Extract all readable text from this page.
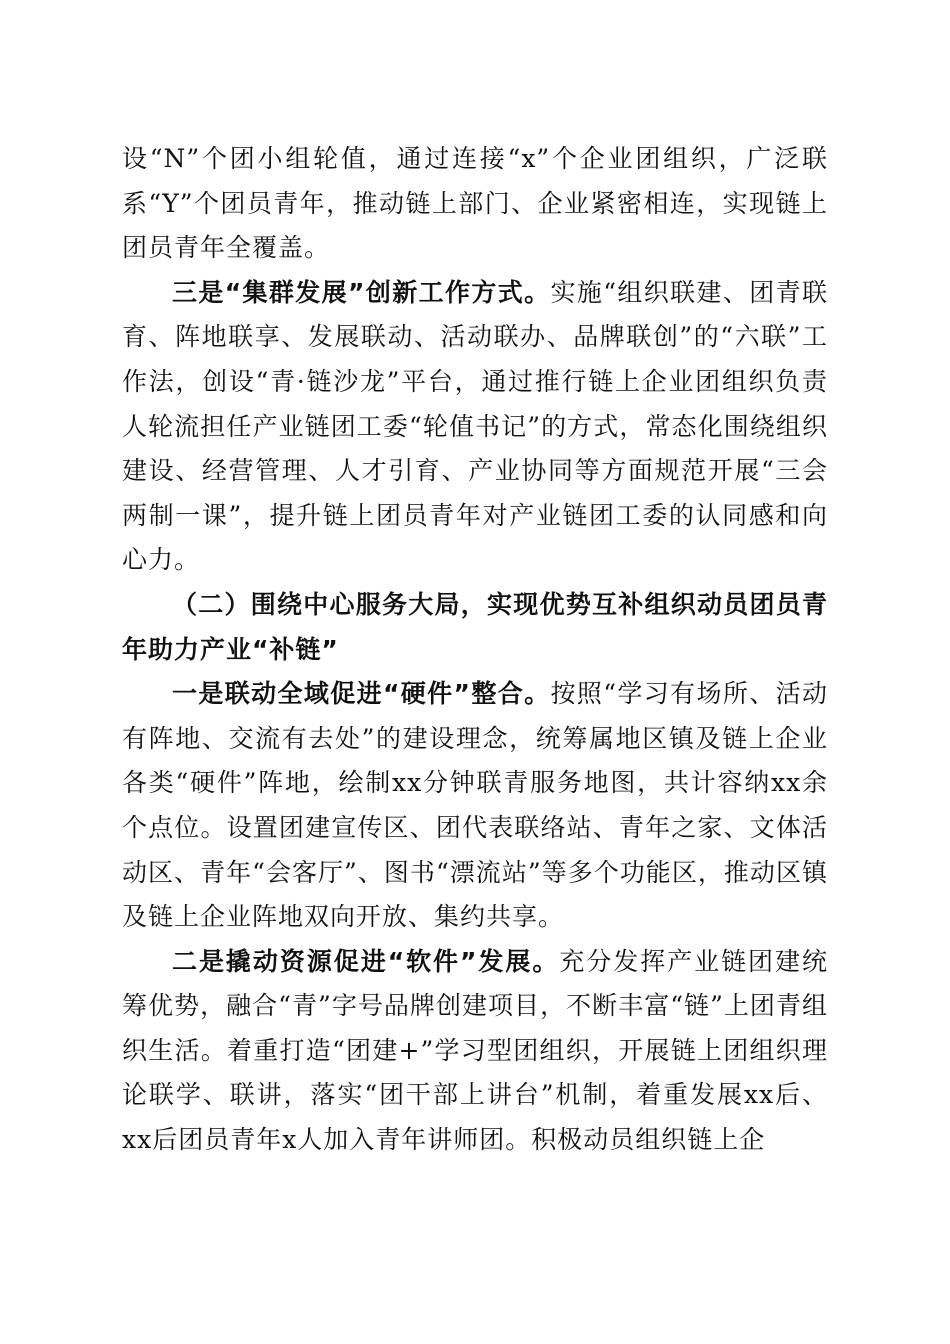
设“N”个团小组轮值，通过连接“x”个企业团组织，广泛联系“Y”个团员青年，推动链上部门、企业紧密相连，实现链上团员青年全覆盖。

三是“集群发展”创新工作方式。实施“组织联建、团青联育、阵地联享、发展联动、活动联办、品牌联创”的“六联”工作法，创设“青·链沙龙”平台，通过推行链上企业团组织负责人轮流担任产业链团工委“轮值书记”的方式，常态化围绕组织建设、经营管理、人才引育、产业协同等方面规范开展“三会两制一课”，提升链上团员青年对产业链团工委的认同感和向心力。

（二）围绕中心服务大局，实现优势互补组织动员团员青年助力产业“补链”

一是联动全域促进“硬件”整合。按照“学习有场所、活动有阵地、交流有去处”的建设理念，统筹属地区镇及链上企业各类“硬件”阵地，绘制xx分钟联青服务地图，共计容纳xx余个点位。设置团建宣传区、团代表联络站、青年之家、文体活动区、青年“会客厅”、图书“漂流站”等多个功能区，推动区镇及链上企业阵地双向开放、集约共享。

二是撬动资源促进“软件”发展。充分发挥产业链团建统筹优势，融合“青”字号品牌创建项目，不断丰富“链”上团青组织生活。着重打造“团建+”学习型团组织，开展链上团组织理论联学、联讲，落实“团干部上讲台”机制，着重发展xx后、xx后团员青年x人加入青年讲师团。积极动员组织链上企
